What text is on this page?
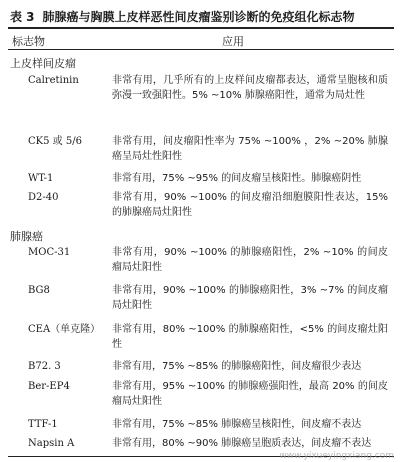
表 3 肺腺癌与胸膜上皮样恶性间皮瘤鉴别诊断的免疫组化标志物
标志物	应用
上皮样间皮瘤
Calretinin	非常有用，几乎所有的上皮样间皮瘤都表达，通常呈胞核和质弥漫一致强阳性。5% ~10% 肺腺癌阳性，通常为局灶性
CK5 或 5/6	非常有用，间皮瘤阳性率为 75% ~100% ，2% ~20% 肺腺癌呈局灶性阳性
WT-1	非常有用，75% ~95% 的间皮瘤呈核阳性。肺腺癌阴性
D2-40	非常有用，90% ~100% 的间皮瘤沿细胞膜阳性表达，15% 的肺腺癌局灶阳性
肺腺癌
MOC-31	非常有用，90% ~100% 的肺腺癌阳性，2% ~10% 的间皮瘤局灶阳性
BG8	非常有用，90% ~100% 的肺腺癌阳性，3% ~7% 的间皮瘤局灶阳性
CEA（单克隆） 非常有用，80% ~100% 的肺腺癌阳性，<5% 的间皮瘤灶阳性
B72. 3	非常有用，75% ~85% 的肺腺癌阳性，间皮瘤很少表达
Ber-EP4	非常有用，95% ~100% 的肺腺癌强阳性，最高 20% 的间皮瘤局灶阳性
TTF-1	非常有用，75% ~85% 肺腺癌呈核阳性，间皮瘤不表达
Napsin A	非常有用，80% ~90% 肺腺癌呈胞质表达，间皮瘤不表达
www.yixueyingxiang.com
